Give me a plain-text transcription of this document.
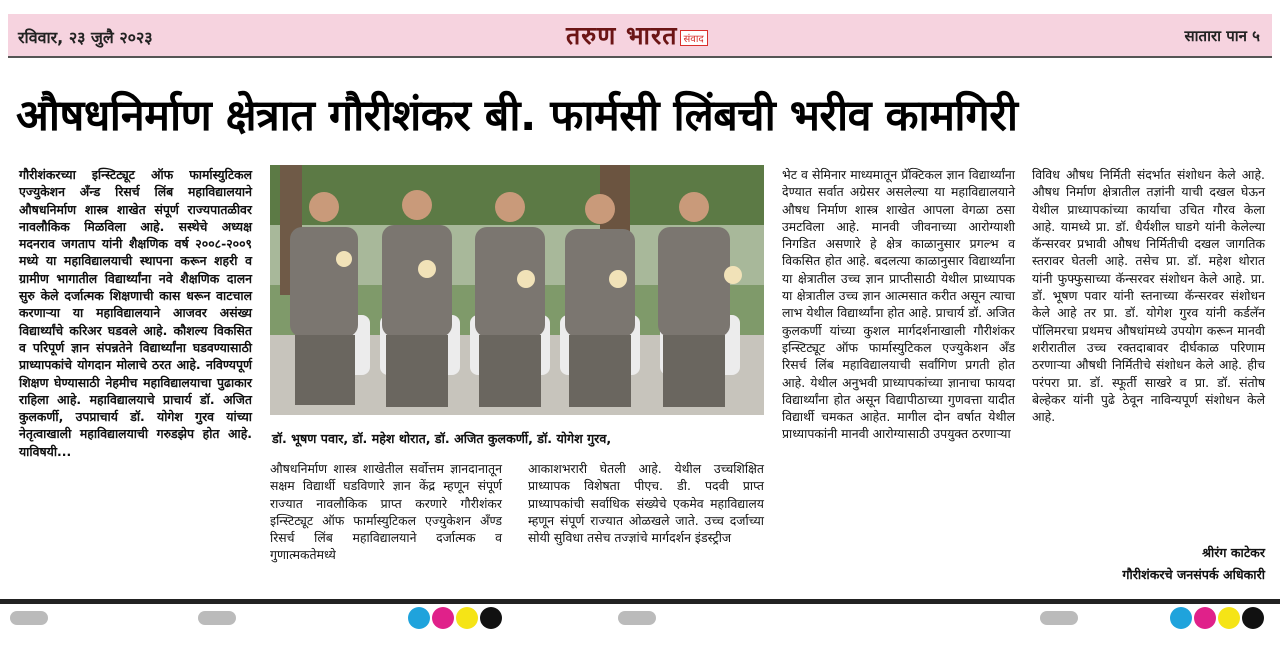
रविवार, २३ जुलै २०२३	सातारा पान ५
तरुण भारत संवाद
औषधनिर्माण क्षेत्रात गौरीशंकर बी. फार्मसी लिंबची भरीव कामगिरी
गौरीशंकरच्या इन्स्टिट्यूट ऑफ फार्मास्युटिकल एज्युकेशन अँन्ड रिसर्च लिंब महाविद्यालयाने औषधनिर्माण शास्त्र शाखेत संपूर्ण राज्यपातळीवर नावलौकिक मिळविला आहे. सस्थेचे अध्यक्ष मदनराव जगताप यांनी शैक्षणिक वर्ष २००८-२००९ मध्ये या महाविद्यालयाची स्थापना करून शहरी व ग्रामीण भागातील विद्यार्थ्यांना नवे शैक्षणिक दालन सुरु केले दर्जात्मक शिक्षणाची कास धरून वाटचाल करणाऱ्या या महाविद्यालयाने आजवर असंख्य विद्यार्थ्यांचे करिअर घडवले आहे. कौशल्य विकसित व परिपूर्ण ज्ञान संपन्नतेने विद्यार्थ्यांना घडवण्यासाठी प्राध्यापकांचे योगदान मोलाचे ठरत आहे. नविण्यपूर्ण शिक्षण घेण्यासाठी नेहमीच महाविद्यालयाचा पुढाकार राहिला आहे. महाविद्यालयाचे प्राचार्य डॉ. अजित कुलकर्णी, उपप्राचार्य डॉ. योगेश गुरव यांच्या नेतृत्वाखाली महाविद्यालयाची गरुडझेप होत आहे. याविषयी...
डॉ. भूषण पवार, डॉ. महेश थोरात, डॉ. अजित कुलकर्णी, डॉ. योगेश गुरव,
औषधनिर्माण शास्त्र शाखेतील सर्वोत्तम ज्ञानदानातून सक्षम विद्यार्थी घडविणारे ज्ञान केंद्र म्हणून संपूर्ण राज्यात नावलौकिक प्राप्त करणारे गौरीशंकर इन्स्टिट्यूट ऑफ फार्मास्युटिकल एज्युकेशन अँण्ड रिसर्च लिंब महाविद्यालयाने दर्जात्मक व गुणात्मकतेमध्ये
आकाशभरारी घेतली आहे. येथील उच्चशिक्षित प्राध्यापक विशेषता पीएच. डी. पदवी प्राप्त प्राध्यापकांची सर्वाधिक संख्येचे एकमेव महाविद्यालय म्हणून संपूर्ण राज्यात ओळखले जाते. उच्च दर्जाच्या सोयी सुविधा तसेच तज्ज्ञांचे मार्गदर्शन इंडस्ट्रीज
भेट व सेमिनार माध्यमातून प्रॅक्टिकल ज्ञान विद्यार्थ्यांना देण्यात सर्वात अग्रेसर असलेल्या या महाविद्यालयाने औषध निर्माण शास्त्र शाखेत आपला वेगळा ठसा उमटविला आहे. मानवी जीवनाच्या आरोग्याशी निगडित असणारे हे क्षेत्र काळानुसार प्रगल्भ व विकसित होत आहे. बदलत्या काळानुसार विद्यार्थ्यांना या क्षेत्रातील उच्च ज्ञान प्राप्तीसाठी येथील प्राध्यापक या क्षेत्रातील उच्च ज्ञान आत्मसात करीत असून त्याचा लाभ येथील विद्यार्थ्यांना होत आहे. प्राचार्य डॉ. अजित कुलकर्णी यांच्या कुशल मार्गदर्शनाखाली गौरीशंकर इन्स्टिट्यूट ऑफ फार्मास्युटिकल एज्युकेशन अँड रिसर्च लिंब महाविद्यालयाची सर्वांगिण प्रगती होत आहे. येथील अनुभवी प्राध्यापकांच्या ज्ञानाचा फायदा विद्यार्थ्यांना होत असून विद्यापीठाच्या गुणवत्ता यादीत विद्यार्थी चमकत आहेत. मागील दोन वर्षात येथील प्राध्यापकांनी मानवी आरोग्यासाठी उपयुक्त ठरणाऱ्या
विविध औषध निर्मिती संदर्भात संशोधन केले आहे. औषध निर्माण क्षेत्रातील तज्ञांनी याची दखल घेऊन येथील प्राध्यापकांच्या कार्याचा उचित गौरव केला आहे. यामध्ये प्रा. डॉ. धैर्यशील घाडगे यांनी केलेल्या कॅन्सरवर प्रभावी औषध निर्मितीची दखल जागतिक स्तरावर घेतली आहे. तसेच प्रा. डॉ. महेश थोरात यांनी फुफ्फुसाच्या कॅन्सरवर संशोधन केले आहे. प्रा. डॉ. भूषण पवार यांनी स्तनाच्या कॅन्सरवर संशोधन केले आहे तर प्रा. डॉ. योगेश गुरव यांनी कर्डलॅन पॉलिमरचा प्रथमच औषधांमध्ये उपयोग करून मानवी शरीरातील उच्च रक्तदाबावर दीर्घकाळ परिणाम ठरणाऱ्या औषधी निर्मितीचे संशोधन केले आहे. हीच परंपरा प्रा. डॉ. स्फूर्ती साखरे व प्रा. डॉ. संतोष बेल्हेकर यांनी पुढे ठेवून नाविन्यपूर्ण संशोधन केले आहे.
श्रीरंग काटेकर
गौरीशंकरचे जनसंपर्क अधिकारी
